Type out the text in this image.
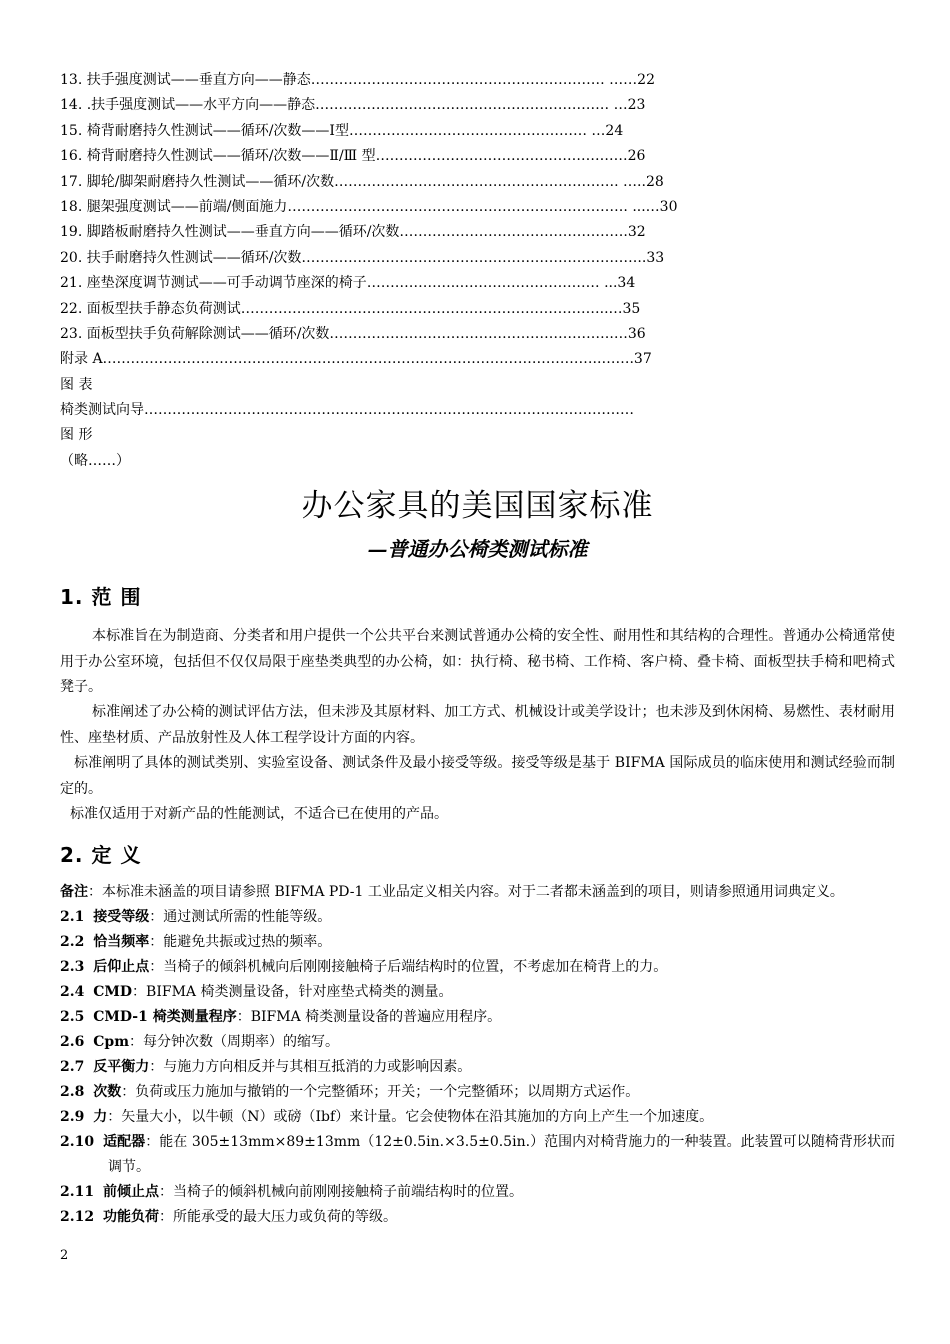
13. 扶手强度测试——垂直方向——静态……………………………………………………… ……22
14. .扶手强度测试——水平方向——静态……………………………………………………… …23
15. 椅背耐磨持久性测试——循环/次数——Ⅰ型…………………………………………… …24
16. 椅背耐磨持久性测试——循环/次数——Ⅱ/Ⅲ 型………………………………………………26
17. 脚轮/脚架耐磨持久性测试——循环/次数……………………………………………………. …..28
18. 腿架强度测试——前端/侧面施力………………………………………………………………. ...…30
19. 脚踏板耐磨持久性测试——垂直方向——循环/次数………………………………………….32
20. 扶手耐磨持久性测试——循环/次数………………………………………………………………..33
21. 座垫深度调节测试——可手动调节座深的椅子………………..………………………… ...34
22. 面板型扶手静态负荷测试……………………………..……………………………………..…35
23. 面板型扶手负荷解除测试——循环/次数…………………………………………………….…36
附录 A……………………………………………………………………………………………..…….37
图 表
椅类测试向导……………………………………………………………………………………………
图 形
（略……）
办公家具的美国国家标准
—普通办公椅类测试标准
1. 范 围

本标准旨在为制造商、分类者和用户提供一个公共平台来测试普通办公椅的安全性、耐用性和其结构的合理性。普通办公椅通常使用于办公室环境，包括但不仅仅局限于座垫类典型的办公椅，如：执行椅、秘书椅、工作椅、客户椅、叠卡椅、面板型扶手椅和吧椅式凳子。

标准阐述了办公椅的测试评估方法，但未涉及其原材料、加工方式、机械设计或美学设计；也未涉及到休闲椅、易燃性、表材耐用性、座垫材质、产品放射性及人体工程学设计方面的内容。

标准阐明了具体的测试类别、实验室设备、测试条件及最小接受等级。接受等级是基于 BIFMA 国际成员的临床使用和测试经验而制定的。

标准仅适用于对新产品的性能测试，不适合已在使用的产品。

2. 定 义
备注：本标准未涵盖的项目请参照 BIFMA PD-1 工业品定义相关内容。对于二者都未涵盖到的项目，则请参照通用词典定义。
2.1 接受等级：通过测试所需的性能等级。
2.2 恰当频率：能避免共振或过热的频率。
2.3 后仰止点：当椅子的倾斜机械向后刚刚接触椅子后端结构时的位置，不考虑加在椅背上的力。
2.4 CMD：BIFMA 椅类测量设备，针对座垫式椅类的测量。
2.5 CMD-1 椅类测量程序：BIFMA 椅类测量设备的普遍应用程序。
2.6 Cpm：每分钟次数（周期率）的缩写。
2.7 反平衡力：与施力方向相反并与其相互抵消的力或影响因素。
2.8 次数：负荷或压力施加与撤销的一个完整循环；开关；一个完整循环；以周期方式运作。
2.9 力：矢量大小，以牛顿（N）或磅（Ibf）来计量。它会使物体在沿其施加的方向上产生一个加速度。
2.10 适配器：能在 305±13mm×89±13mm（12±0.5in.×3.5±0.5in.）范围内对椅背施力的一种装置。此装置可以随椅背形状而调节。
2.11 前倾止点：当椅子的倾斜机械向前刚刚接触椅子前端结构时的位置。
2.12 功能负荷：所能承受的最大压力或负荷的等级。
2
